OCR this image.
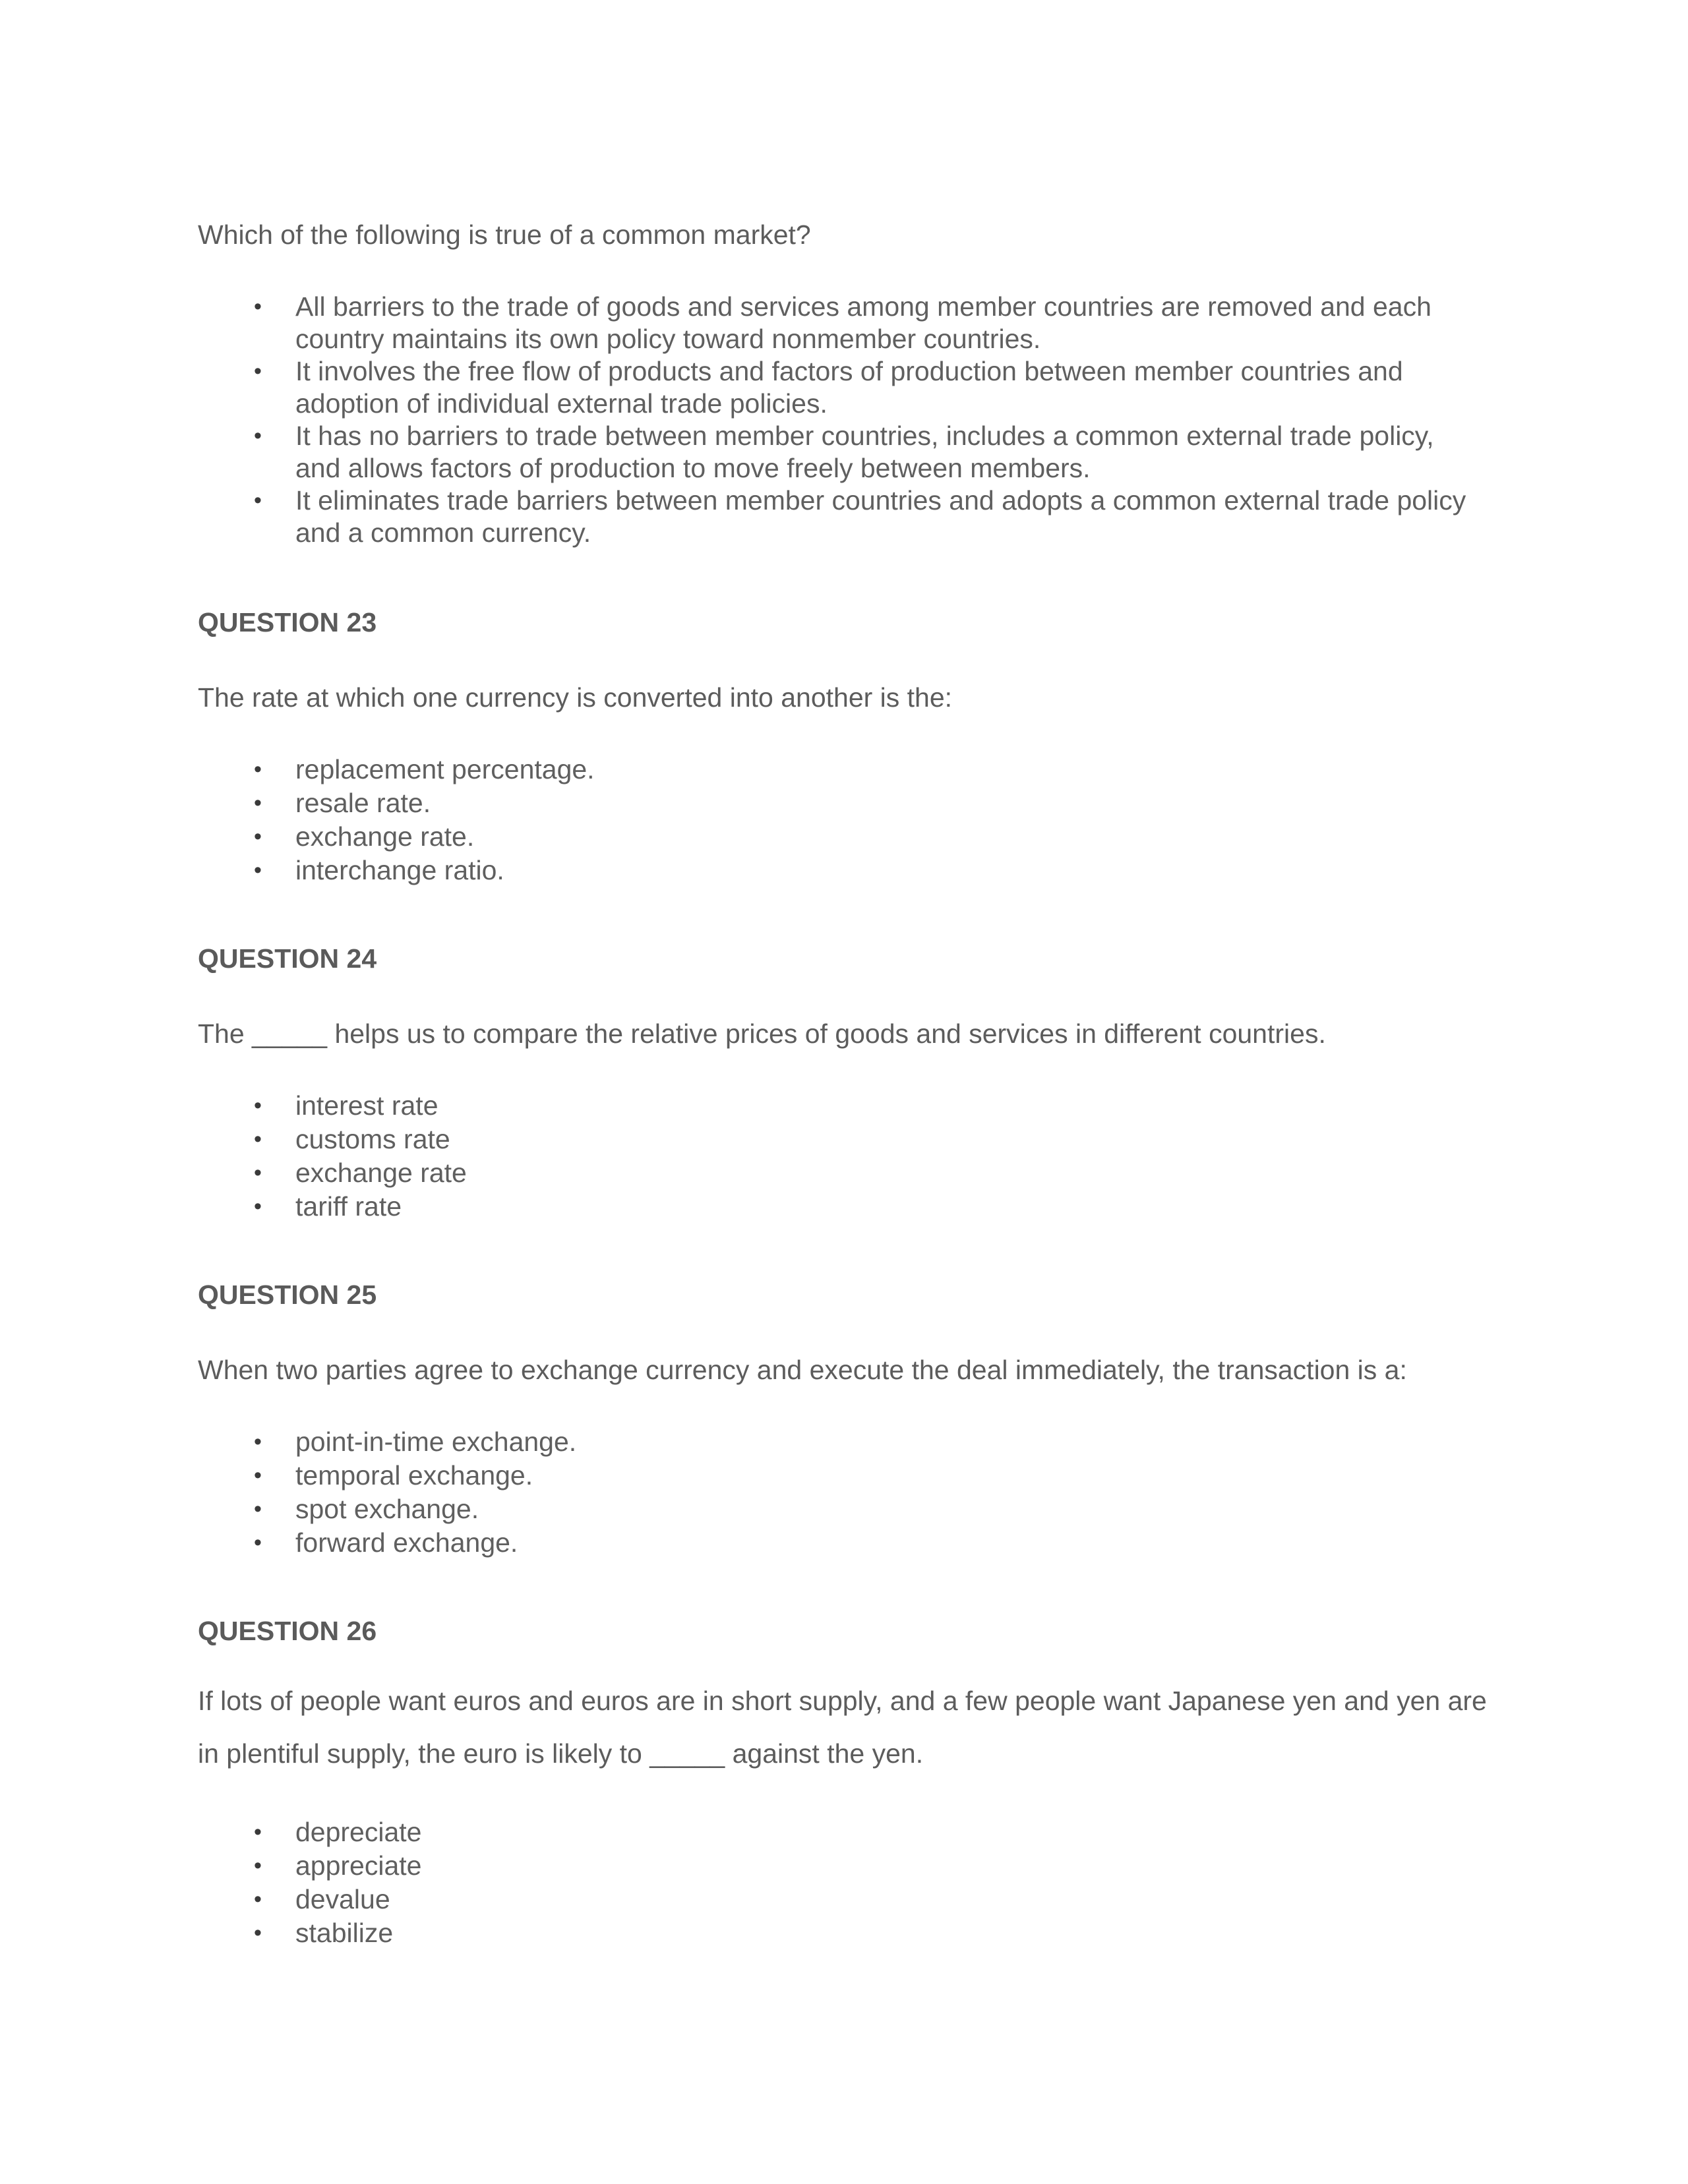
Which of the following is true of a common market?

• All barriers to the trade of goods and services among member countries are removed and each country maintains its own policy toward nonmember countries.
• It involves the free flow of products and factors of production between member countries and adoption of individual external trade policies.
• It has no barriers to trade between member countries, includes a common external trade policy, and allows factors of production to move freely between members.
• It eliminates trade barriers between member countries and adopts a common external trade policy and a common currency.
QUESTION 23

The rate at which one currency is converted into another is the:

• replacement percentage.
• resale rate.
• exchange rate.
• interchange ratio.
QUESTION 24

The _____ helps us to compare the relative prices of goods and services in different countries.

• interest rate
• customs rate
• exchange rate
• tariff rate
QUESTION 25

When two parties agree to exchange currency and execute the deal immediately, the transaction is a:

• point-in-time exchange.
• temporal exchange.
• spot exchange.
• forward exchange.
QUESTION 26

If lots of people want euros and euros are in short supply, and a few people want Japanese yen and yen are in plentiful supply, the euro is likely to _____ against the yen.

• depreciate
• appreciate
• devalue
• stabilize
